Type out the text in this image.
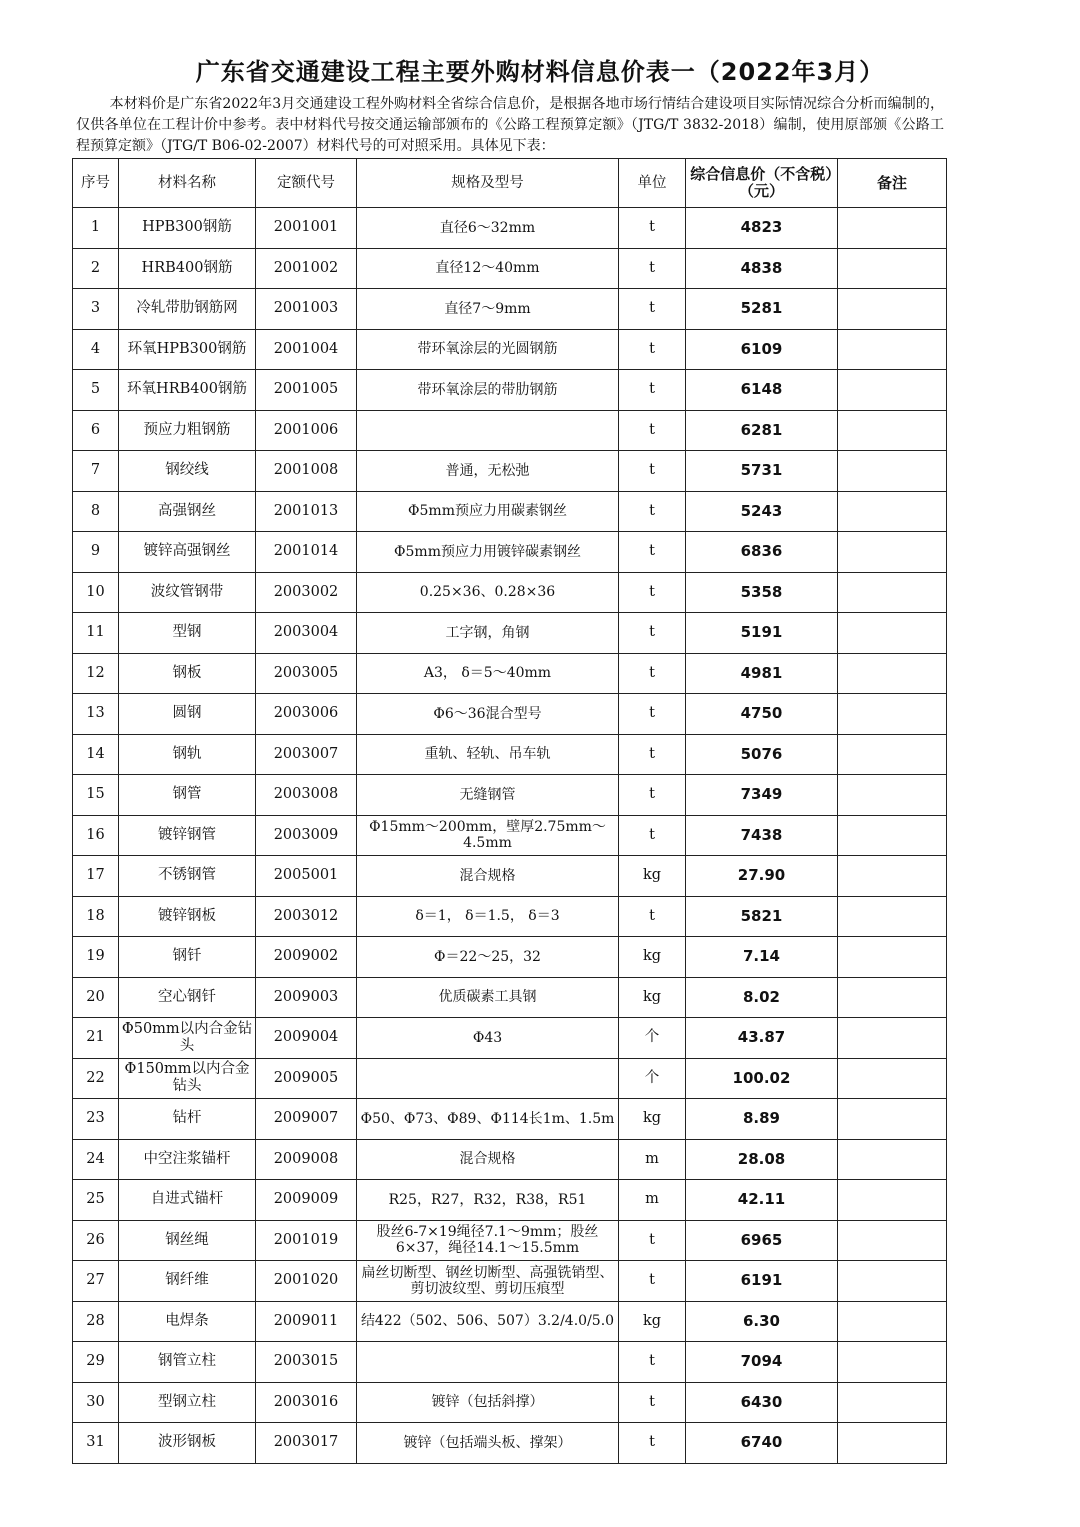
广东省交通建设工程主要外购材料信息价表一（2022年3月）
本材料价是广东省2022年3月交通建设工程外购材料全省综合信息价，是根据各地市场行情结合建设项目实际情况综合分析而编制的，仅供各单位在工程计价中参考。表中材料代号按交通运输部颁布的《公路工程预算定额》（JTG/T 3832-2018）编制，使用原部颁《公路工程预算定额》（JTG/T B06-02-2007）材料代号的可对照采用。具体见下表：
序号	材料名称	定额代号	规格及型号	单位	综合信息价（不含税）（元）	备注
1	HPB300钢筋	2001001	直径6～32mm	t	4823	
2	HRB400钢筋	2001002	直径12～40mm	t	4838	
3	冷轧带肋钢筋网	2001003	直径7～9mm	t	5281	
4	环氧HPB300钢筋	2001004	带环氧涂层的光圆钢筋	t	6109	
5	环氧HRB400钢筋	2001005	带环氧涂层的带肋钢筋	t	6148	
6	预应力粗钢筋	2001006		t	6281	
7	钢绞线	2001008	普通，无松弛	t	5731	
8	高强钢丝	2001013	Φ5mm预应力用碳素钢丝	t	5243	
9	镀锌高强钢丝	2001014	Φ5mm预应力用镀锌碳素钢丝	t	6836	
10	波纹管钢带	2003002	0.25×36、0.28×36	t	5358	
11	型钢	2003004	工字钢，角钢	t	5191	
12	钢板	2003005	A3， δ＝5～40mm	t	4981	
13	圆钢	2003006	Φ6～36混合型号	t	4750	
14	钢轨	2003007	重轨、轻轨、吊车轨	t	5076	
15	钢管	2003008	无缝钢管	t	7349	
16	镀锌钢管	2003009	Φ15mm～200mm，壁厚2.75mm～4.5mm	t	7438	
17	不锈钢管	2005001	混合规格	kg	27.90	
18	镀锌钢板	2003012	δ＝1， δ＝1.5， δ＝3	t	5821	
19	钢钎	2009002	Φ＝22～25，32	kg	7.14	
20	空心钢钎	2009003	优质碳素工具钢	kg	8.02	
21	Φ50mm以内合金钻头	2009004	Φ43	个	43.87	
22	Φ150mm以内合金钻头	2009005		个	100.02	
23	钻杆	2009007	Φ50、Φ73、Φ89、Φ114长1m、1.5m	kg	8.89	
24	中空注浆锚杆	2009008	混合规格	m	28.08	
25	自进式锚杆	2009009	R25，R27，R32，R38，R51	m	42.11	
26	钢丝绳	2001019	股丝6-7×19绳径7.1～9mm；股丝6×37，绳径14.1～15.5mm	t	6965	
27	钢纤维	2001020	扁丝切断型、钢丝切断型、高强铣销型、剪切波纹型、剪切压痕型	t	6191	
28	电焊条	2009011	结422（502、506、507）3.2/4.0/5.0	kg	6.30	
29	钢管立柱	2003015		t	7094	
30	型钢立柱	2003016	镀锌（包括斜撑）	t	6430	
31	波形钢板	2003017	镀锌（包括端头板、撑架）	t	6740	
